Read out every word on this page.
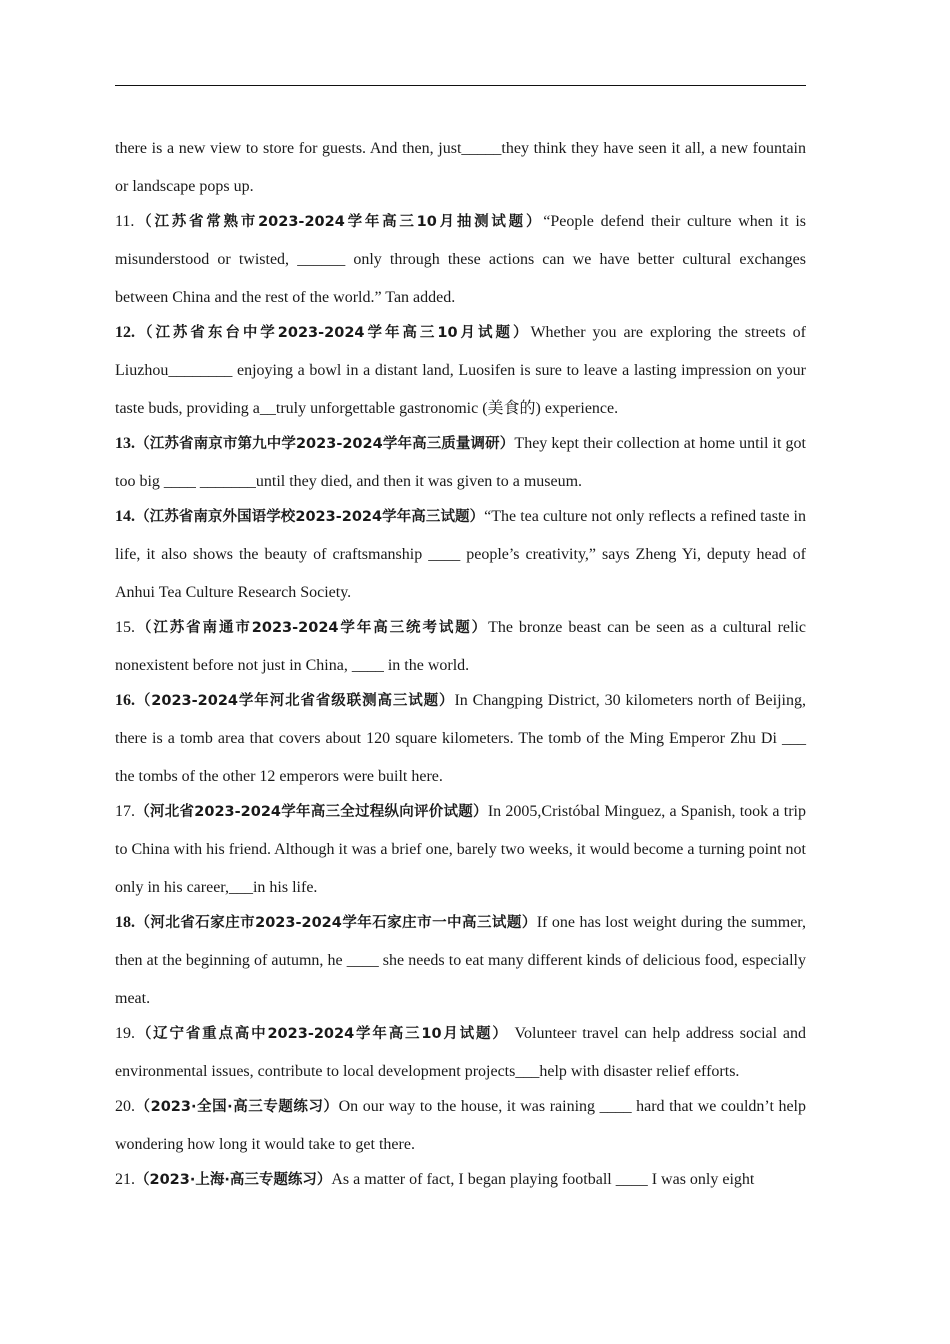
there is a new view to store for guests. And then, just_____they think they have seen it all, a new fountain or landscape pops up.

11.（江苏省常熟市2023-2024学年高三10月抽测试题）“People defend their culture when it is misunderstood or twisted, ______ only through these actions can we have better cultural exchanges between China and the rest of the world.” Tan added.

12.（江苏省东台中学2023-2024学年高三10月试题）Whether you are exploring the streets of Liuzhou________ enjoying a bowl in a distant land, Luosifen is sure to leave a lasting impression on your taste buds, providing a__truly unforgettable gastronomic (美食的) experience.

13.（江苏省南京市第九中学2023-2024学年高三质量调研）They kept their collection at home until it got too big ____ _______until they died, and then it was given to a museum.

14.（江苏省南京外国语学校2023-2024学年高三试题）“The tea culture not only reflects a refined taste in life, it also shows the beauty of craftsmanship ____ people’s creativity,” says Zheng Yi, deputy head of Anhui Tea Culture Research Society.

15.（江苏省南通市2023-2024学年高三统考试题）The bronze beast can be seen as a cultural relic nonexistent before not just in China, ____ in the world.

16.（2023-2024学年河北省省级联测高三试题）In Changping District, 30 kilometers north of Beijing, there is a tomb area that covers about 120 square kilometers. The tomb of the Ming Emperor Zhu Di ___ the tombs of the other 12 emperors were built here.

17.（河北省2023-2024学年高三全过程纵向评价试题）In 2005,Cristóbal Minguez, a Spanish, took a trip to China with his friend. Although it was a brief one, barely two weeks, it would become a turning point not only in his career,___in his life.

18.（河北省石家庄市2023-2024学年石家庄市一中高三试题）If one has lost weight during the summer, then at the beginning of autumn, he ____ she needs to eat many different kinds of delicious food, especially meat.

19.（辽宁省重点高中2023-2024学年高三10月试题） Volunteer travel can help address social and environmental issues, contribute to local development projects___help with disaster relief efforts.

20.（2023·全国·高三专题练习）On our way to the house, it was raining ____ hard that we couldn’t help wondering how long it would take to get there.

21.（2023·上海·高三专题练习）As a matter of fact, I began playing football ____ I was only eight
